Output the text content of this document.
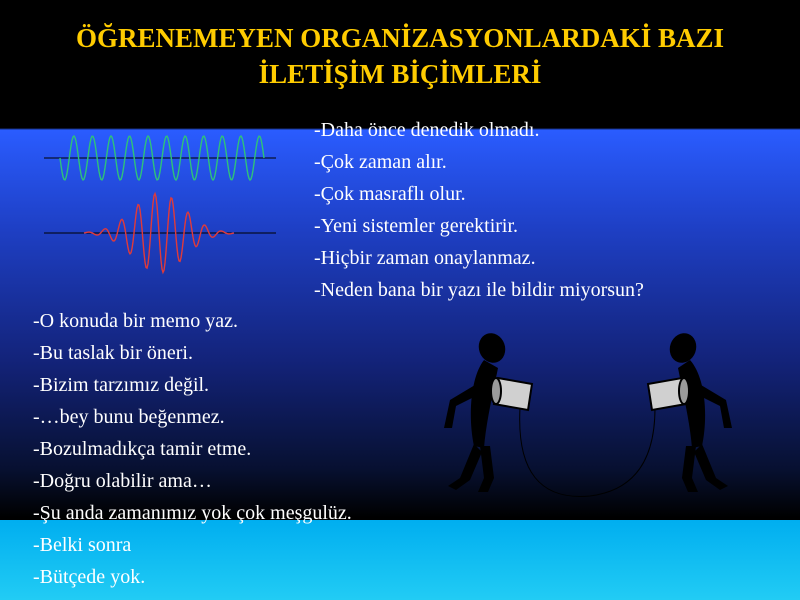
ÖĞRENEMEYEN ORGANİZASYONLARDAKİ BAZI
İLETİŞİM BİÇİMLERİ
-Daha önce denedik olmadı.
-Çok zaman alır.
-Çok masraflı olur.
-Yeni sistemler gerektirir.
-Hiçbir zaman onaylanmaz.
-Neden bana bir yazı ile bildir miyorsun?
-O konuda bir memo yaz.
-Bu taslak bir öneri.
-Bizim tarzımız değil.
-…bey bunu beğenmez.
-Bozulmadıkça tamir etme.
-Doğru olabilir ama…
-Şu anda zamanımız yok çok meşgulüz.
-Belki sonra
-Bütçede yok.
